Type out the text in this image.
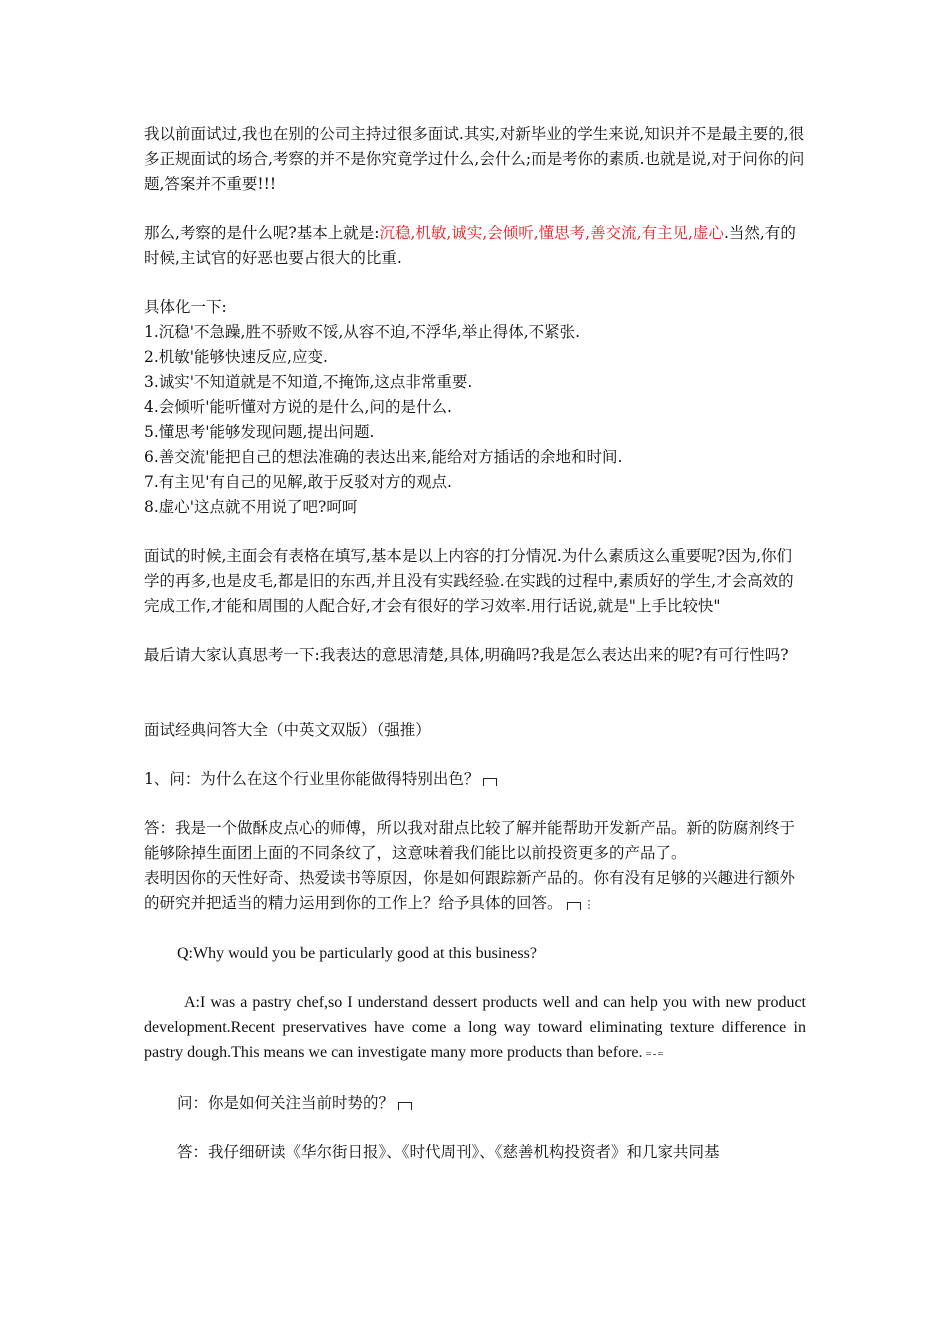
我以前面试过,我也在别的公司主持过很多面试.其实,对新毕业的学生来说,知识并不是最主要的,很多正规面试的场合,考察的并不是你究竟学过什么,会什么;而是考你的素质.也就是说,对于问你的问题,答案并不重要!!!

那么,考察的是什么呢?基本上就是:沉稳,机敏,诚实,会倾听,懂思考,善交流,有主见,虚心.当然,有的时候,主试官的好恶也要占很大的比重.

具体化一下:

1.沉稳'不急躁,胜不骄败不馁,从容不迫,不浮华,举止得体,不紧张.

2.机敏'能够快速反应,应变.

3.诚实'不知道就是不知道,不掩饰,这点非常重要.

4.会倾听'能听懂对方说的是什么,问的是什么.

5.懂思考'能够发现问题,提出问题.

6.善交流'能把自己的想法准确的表达出来,能给对方插话的余地和时间.

7.有主见'有自己的见解,敢于反驳对方的观点.

8.虚心'这点就不用说了吧?呵呵

面试的时候,主面会有表格在填写,基本是以上内容的打分情况.为什么素质这么重要呢?因为,你们学的再多,也是皮毛,都是旧的东西,并且没有实践经验.在实践的过程中,素质好的学生,才会高效的完成工作,才能和周围的人配合好,才会有很好的学习效率.用行话说,就是"上手比较快"

最后请大家认真思考一下:我表达的意思清楚,具体,明确吗?我是怎么表达出来的呢?有可行性吗?

面试经典问答大全（中英文双版）（强推）

1、问：为什么在这个行业里你能做得特别出色？

答：我是一个做酥皮点心的师傅，所以我对甜点比较了解并能帮助开发新产品。新的防腐剂终于能够除掉生面团上面的不同条纹了，这意味着我们能比以前投资更多的产品了。

表明因你的天性好奇、热爱读书等原因，你是如何跟踪新产品的。你有没有足够的兴趣进行额外的研究并把适当的精力运用到你的工作上？给予具体的回答。 ⋮

Q:Why would you be particularly good at this business?

A:I was a pastry chef,so I understand dessert products well and can help you with new product development.Recent preservatives have come a long way toward eliminating texture difference in pastry dough.This means we can investigate many more products than before. =-=

问：你是如何关注当前时势的？

答：我仔细研读《华尔街日报》、《时代周刊》、《慈善机构投资者》和几家共同基
